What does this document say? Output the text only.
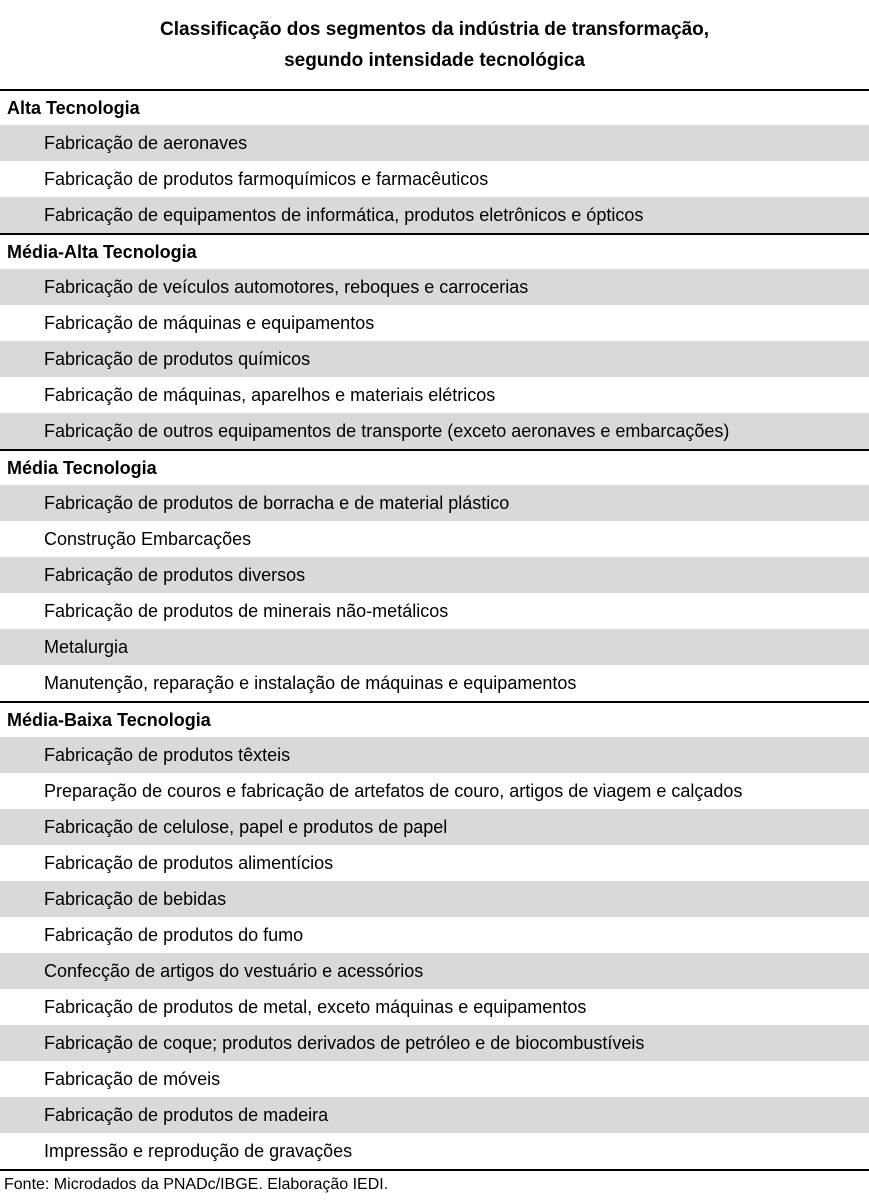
Classificação dos segmentos da indústria de transformação,
segundo intensidade tecnológica
Alta Tecnologia
Fabricação de aeronaves
Fabricação de produtos farmoquímicos e farmacêuticos
Fabricação de equipamentos de informática, produtos eletrônicos e ópticos
Média-Alta Tecnologia
Fabricação de veículos automotores, reboques e carrocerias
Fabricação de máquinas e equipamentos
Fabricação de produtos químicos
Fabricação de máquinas, aparelhos e materiais elétricos
Fabricação de outros equipamentos de transporte (exceto aeronaves e embarcações)
Média Tecnologia
Fabricação de produtos de borracha e de material plástico
Construção Embarcações
Fabricação de produtos diversos
Fabricação de produtos de minerais não-metálicos
Metalurgia
Manutenção, reparação e instalação de máquinas e equipamentos
Média-Baixa Tecnologia
Fabricação de produtos têxteis
Preparação de couros e fabricação de artefatos de couro, artigos de viagem e calçados
Fabricação de celulose, papel e produtos de papel
Fabricação de produtos alimentícios
Fabricação de bebidas
Fabricação de produtos do fumo
Confecção de artigos do vestuário e acessórios
Fabricação de produtos de metal, exceto máquinas e equipamentos
Fabricação de coque; produtos derivados de petróleo e de biocombustíveis
Fabricação de móveis
Fabricação de produtos de madeira
Impressão e reprodução de gravações
Fonte: Microdados da PNADc/IBGE. Elaboração IEDI.
